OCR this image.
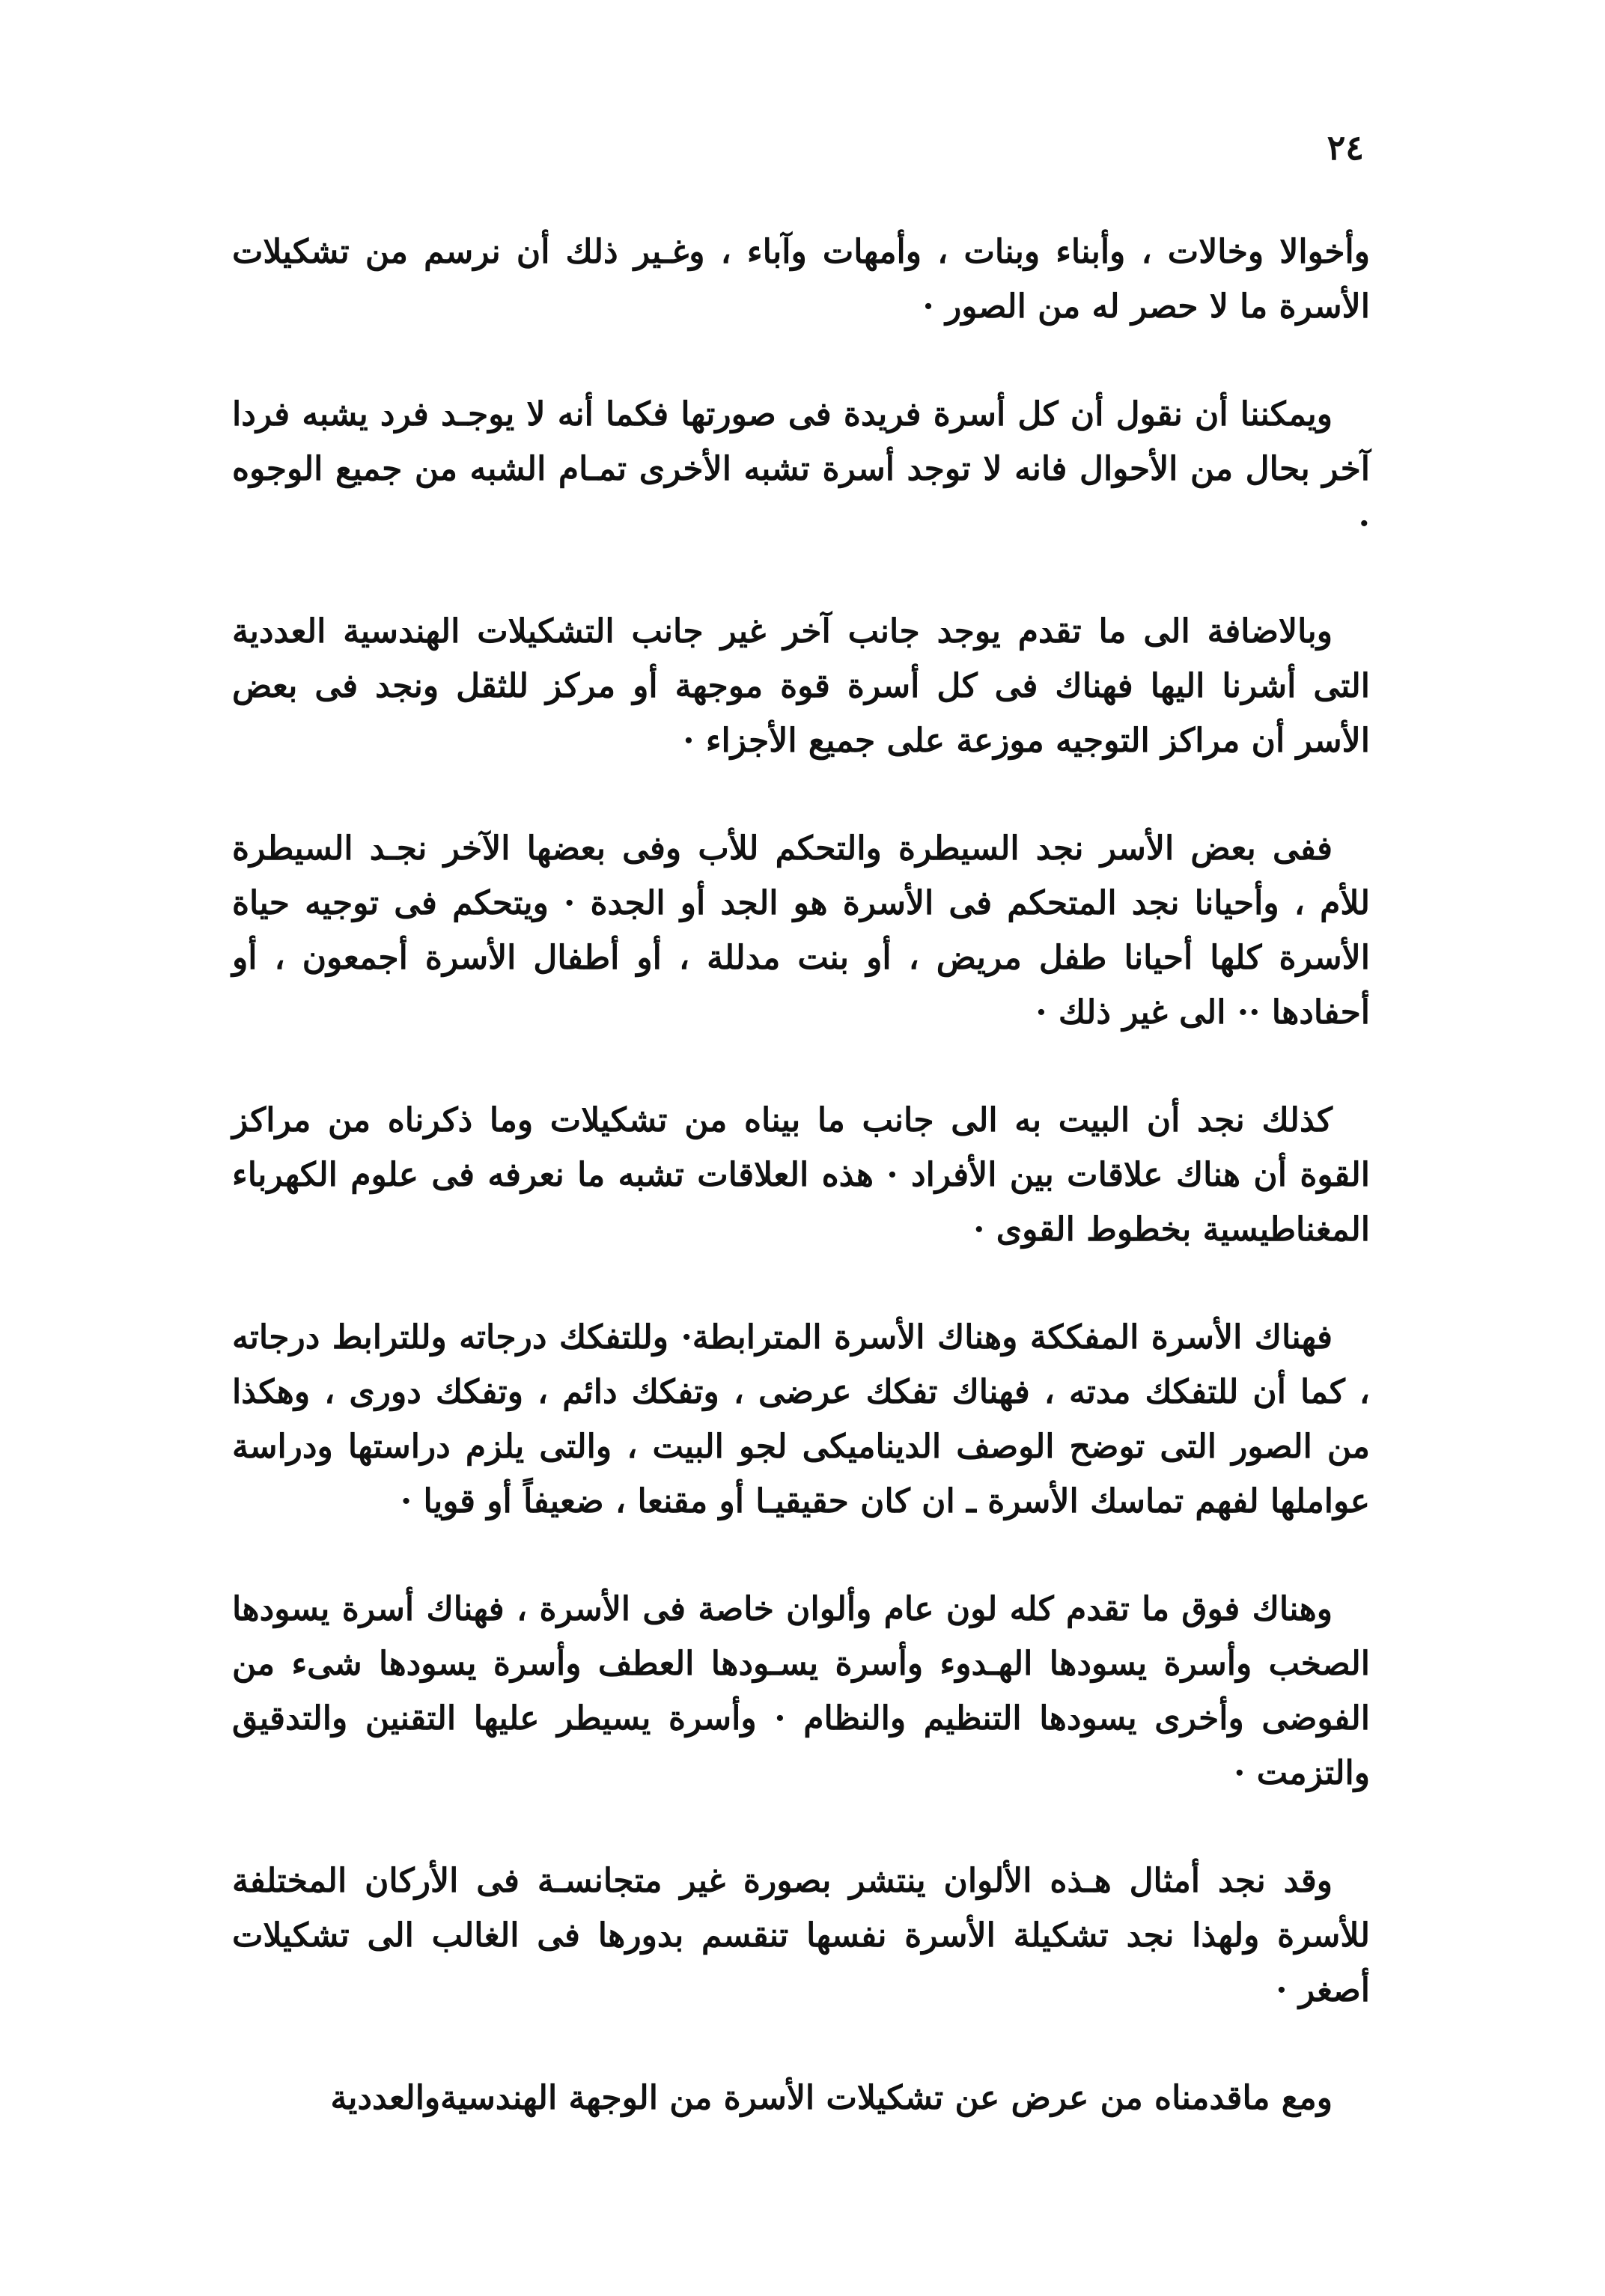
٢٤

وأخوالا وخالات ، وأبناء وبنات ، وأمهات وآباء ، وغـير ذلك أن نرسم من تشكيلات الأسرة ما لا حصر له من الصور ·

ويمكننا أن نقول أن كل أسرة فريدة فى صورتها فكما أنه لا يوجـد فرد يشبه فردا آخر بحال من الأحوال فانه لا توجد أسرة تشبه الأخرى تمـام الشبه من جميع الوجوه ·

وبالاضافة الى ما تقدم يوجد جانب آخر غير جانب التشكيلات الهندسية العددية التى أشرنا اليها فهناك فى كل أسرة قوة موجهة أو مركز للثقل ونجد فى بعض الأسر أن مراكز التوجيه موزعة على جميع الأجزاء ·

ففى بعض الأسر نجد السيطرة والتحكم للأب وفى بعضها الآخر نجـد السيطرة للأم ، وأحيانا نجد المتحكم فى الأسرة هو الجد أو الجدة · ويتحكم فى توجيه حياة الأسرة كلها أحيانا طفل مريض ، أو بنت مدللة ، أو أطفال الأسرة أجمعون ، أو أحفادها ·· الى غير ذلك ·

كذلك نجد أن البيت به الى جانب ما بيناه من تشكيلات وما ذكرناه من مراكز القوة أن هناك علاقات بين الأفراد · هذه العلاقات تشبه ما نعرفه فى علوم الكهرباء المغناطيسية بخطوط القوى ·

فهناك الأسرة المفككة وهناك الأسرة المترابطة· وللتفكك درجاته وللترابط درجاته ، كما أن للتفكك مدته ، فهناك تفكك عرضى ، وتفكك دائم ، وتفكك دورى ، وهكذا من الصور التى توضح الوصف الديناميكى لجو البيت ، والتى يلزم دراستها ودراسة عواملها لفهم تماسك الأسرة ـ ان كان حقيقيـا أو مقنعا ، ضعيفاً أو قويا ·

وهناك فوق ما تقدم كله لون عام وألوان خاصة فى الأسرة ، فهناك أسرة يسودها الصخب وأسرة يسودها الهـدوء وأسرة يسـودها العطف وأسرة يسودها شىء من الفوضى وأخرى يسودها التنظيم والنظام · وأسرة يسيطر عليها التقنين والتدقيق والتزمت ·

وقد نجد أمثال هـذه الألوان ينتشر بصورة غير متجانسـة فى الأركان المختلفة للأسرة ولهذا نجد تشكيلة الأسرة نفسها تنقسم بدورها فى الغالب الى تشكيلات أصغر ·

ومع ماقدمناه من عرض عن تشكيلات الأسرة من الوجهة الهندسيةوالعددية
